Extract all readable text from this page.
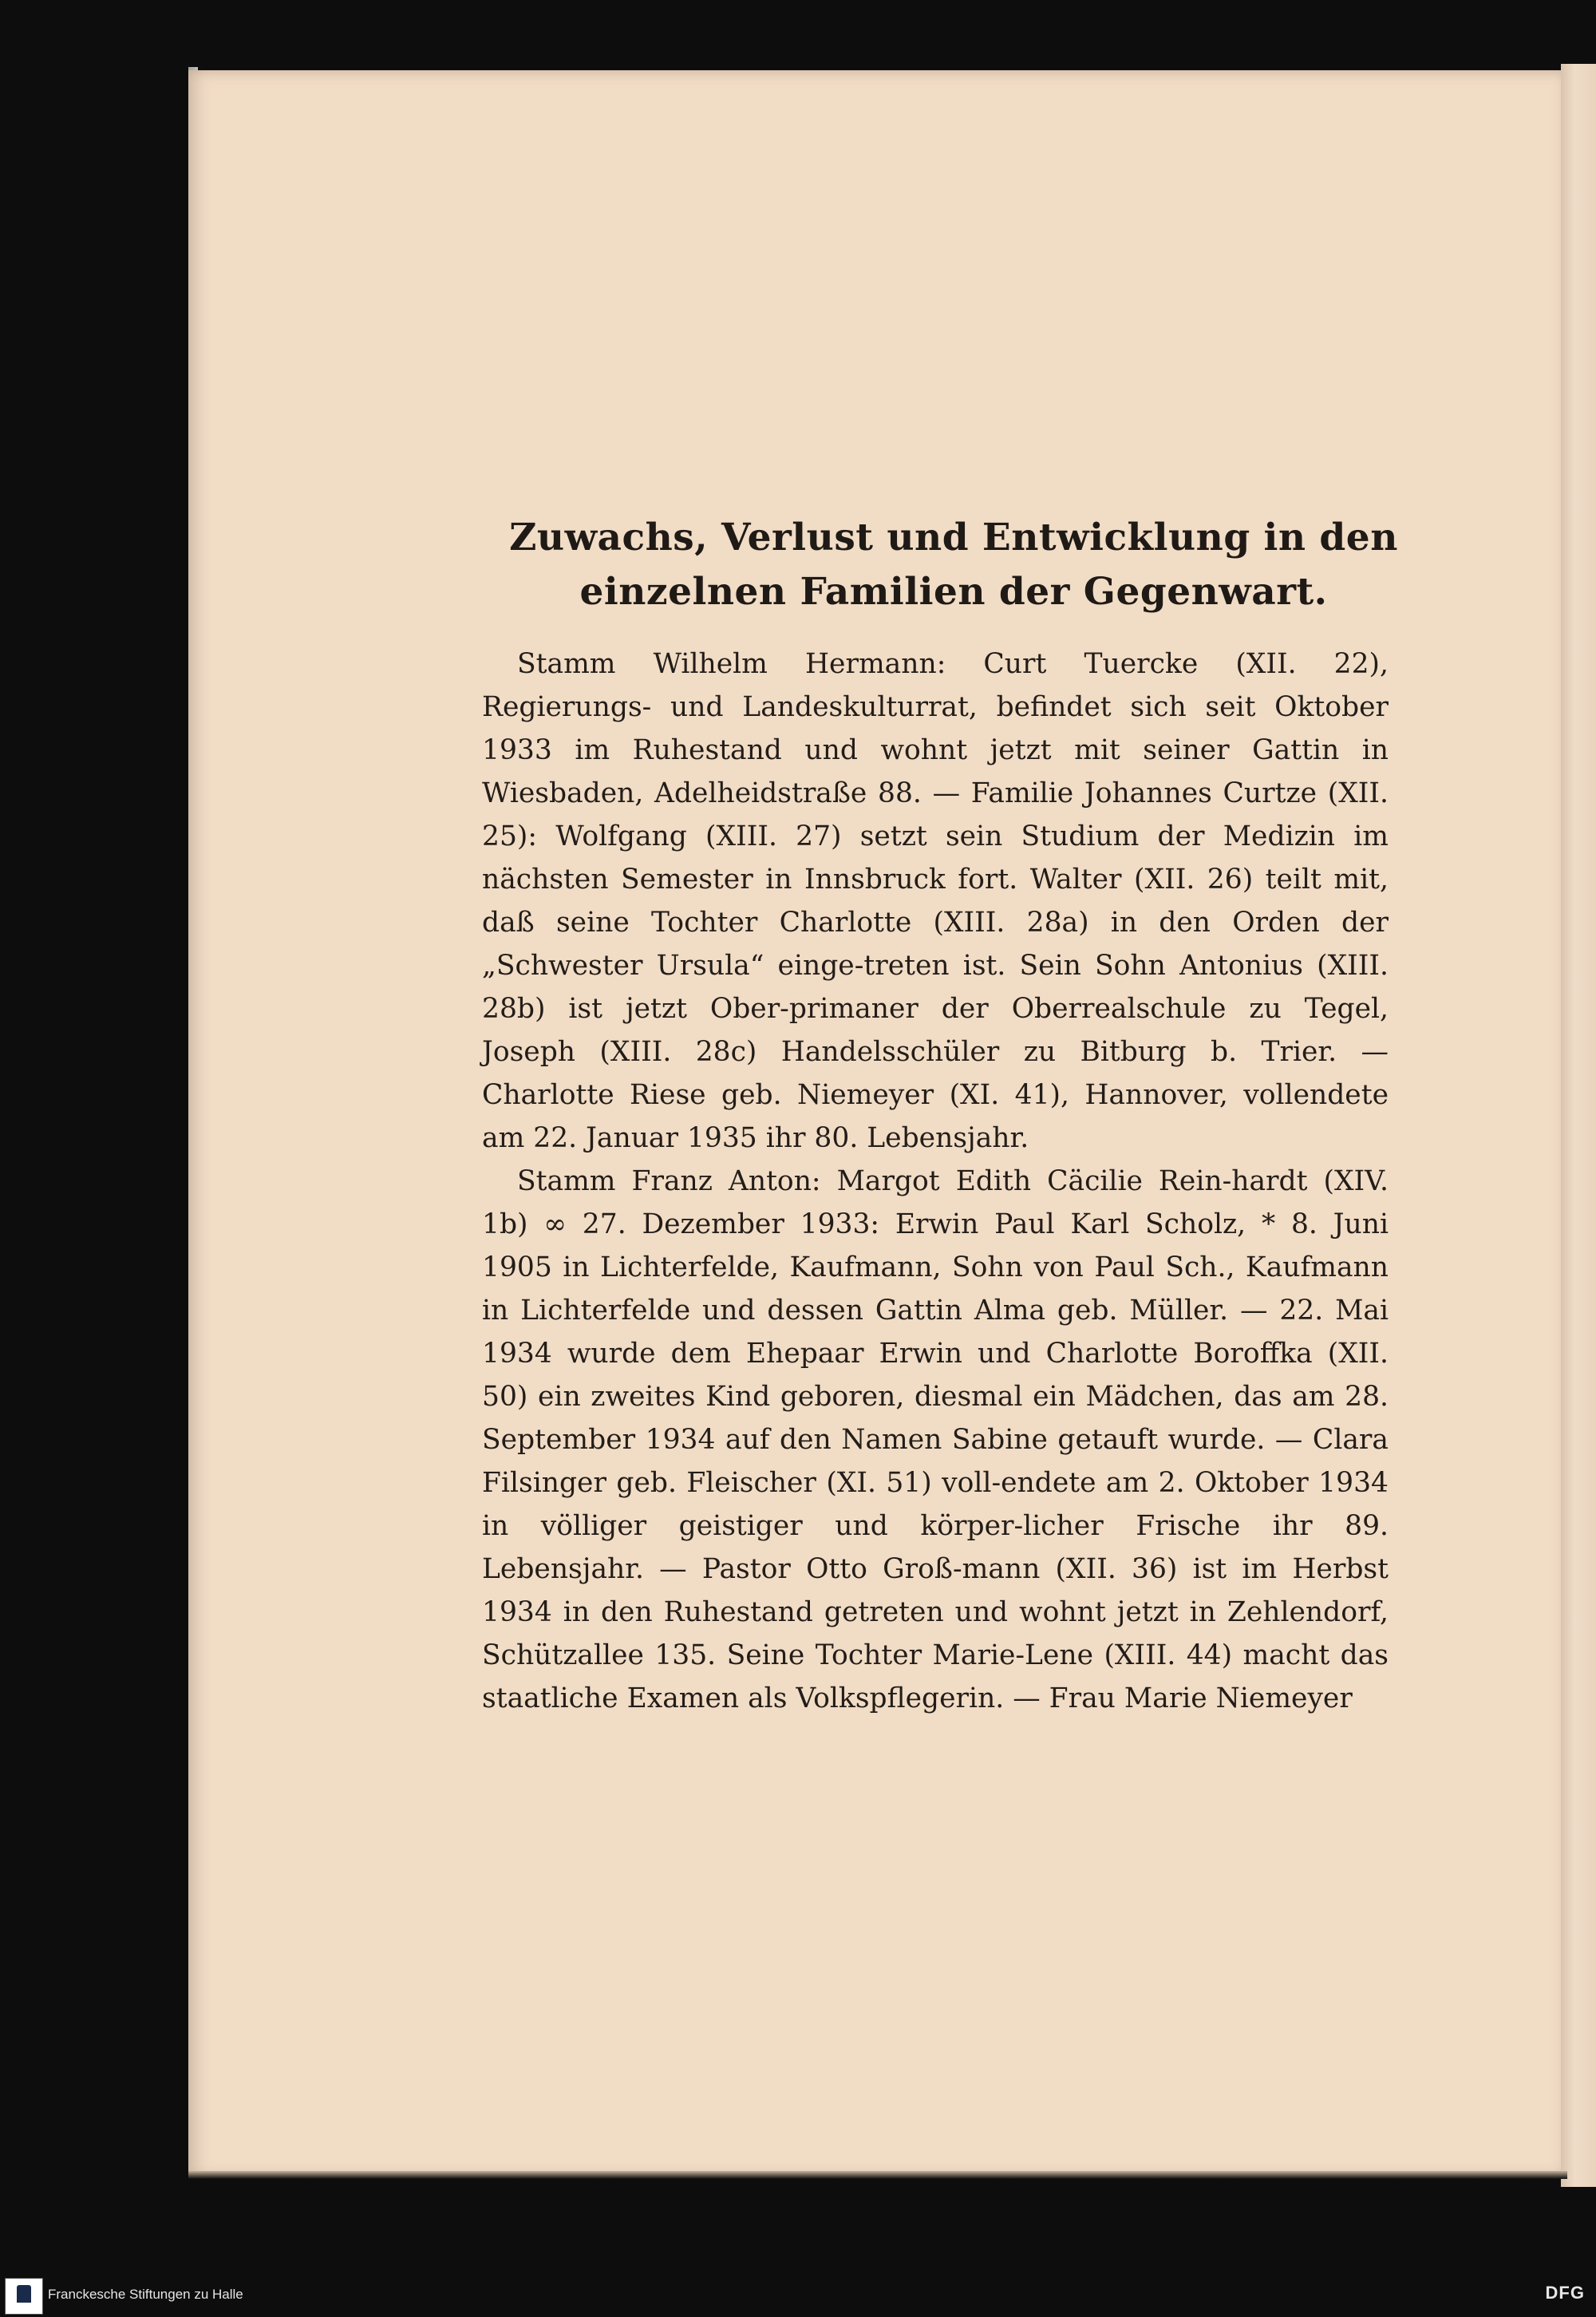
Zuwachs, Verlust und Entwicklung in den
einzelnen Familien der Gegenwart.

Stamm Wilhelm Hermann: Curt Tuercke (XII. 22), Regierungs- und Landeskulturrat, befindet sich seit Oktober 1933 im Ruhestand und wohnt jetzt mit seiner Gattin in Wiesbaden, Adelheidstraße 88. — Familie Johannes Curtze (XII. 25): Wolfgang (XIII. 27) setzt sein Studium der Medizin im nächsten Semester in Innsbruck fort. Walter (XII. 26) teilt mit, daß seine Tochter Charlotte (XIII. 28a) in den Orden der „Schwester Ursula“ einge-treten ist. Sein Sohn Antonius (XIII. 28b) ist jetzt Ober-primaner der Oberrealschule zu Tegel, Joseph (XIII. 28c) Handelsschüler zu Bitburg b. Trier. — Charlotte Riese geb. Niemeyer (XI. 41), Hannover, vollendete am 22. Januar 1935 ihr 80. Lebensjahr.

Stamm Franz Anton: Margot Edith Cäcilie Rein-hardt (XIV. 1b) ∞ 27. Dezember 1933: Erwin Paul Karl Scholz, * 8. Juni 1905 in Lichterfelde, Kaufmann, Sohn von Paul Sch., Kaufmann in Lichterfelde und dessen Gattin Alma geb. Müller. — 22. Mai 1934 wurde dem Ehepaar Erwin und Charlotte Boroffka (XII. 50) ein zweites Kind geboren, diesmal ein Mädchen, das am 28. September 1934 auf den Namen Sabine getauft wurde. — Clara Filsinger geb. Fleischer (XI. 51) voll-endete am 2. Oktober 1934 in völliger geistiger und körper-licher Frische ihr 89. Lebensjahr. — Pastor Otto Groß-mann (XII. 36) ist im Herbst 1934 in den Ruhestand getreten und wohnt jetzt in Zehlendorf, Schützallee 135. Seine Tochter Marie-Lene (XIII. 44) macht das staatliche Examen als Volkspflegerin. — Frau Marie Niemeyer

Franckesche Stiftungen zu Halle	DFG
